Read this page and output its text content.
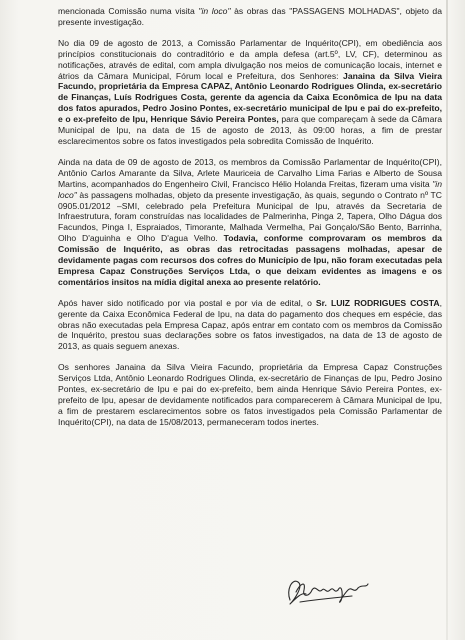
mencionada Comissão numa visita "in loco" às obras das "PASSAGENS MOLHADAS", objeto da presente investigação.

No dia 09 de agosto de 2013, a Comissão Parlamentar de Inquérito(CPI), em obediência aos princípios constitucionais do contraditório e da ampla defesa (art.5º, LV, CF), determinou as notificações, através de edital, com ampla divulgação nos meios de comunicação locais, internet e átrios da Câmara Municipal, Fórum local e Prefeitura, dos Senhores: Janaina da Silva Vieira Facundo, proprietária da Empresa CAPAZ, Antônio Leonardo Rodrigues Olinda, ex-secretário de Finanças, Luís Rodrigues Costa, gerente da agencia da Caixa Econômica de Ipu na data dos fatos apurados, Pedro Josino Pontes, ex-secretário municipal de Ipu e pai do ex-prefeito, e o ex-prefeito de Ipu, Henrique Sávio Pereira Pontes, para que compareçam à sede da Câmara Municipal de Ipu, na data de 15 de agosto de 2013, às 09:00 horas, a fim de prestar esclarecimentos sobre os fatos investigados pela sobredita Comissão de Inquérito.

Ainda na data de 09 de agosto de 2013, os membros da Comissão Parlamentar de Inquérito(CPI), Antônio Carlos Amarante da Silva, Arlete Mauriceia de Carvalho Lima Farias e Alberto de Sousa Martins, acompanhados do Engenheiro Civil, Francisco Hélio Holanda Freitas, fizeram uma visita "in loco" às passagens molhadas, objeto da presente investigação, às quais, segundo o Contrato nº TC 0905.01/2012 –SMI, celebrado pela Prefeitura Municipal de Ipu, através da Secretaria de Infraestrutura, foram construídas nas localidades de Palmerinha, Pinga 2, Tapera, Olho Dágua dos Facundos, Pinga I, Espraiados, Timorante, Malhada Vermelha, Pai Gonçalo/São Bento, Barrinha, Olho D'aguinha e Olho D'agua Velho. Todavia, conforme comprovaram os membros da Comissão de Inquérito, as obras das retrocitadas passagens molhadas, apesar de devidamente pagas com recursos dos cofres do Município de Ipu, não foram executadas pela Empresa Capaz Construções Serviços Ltda, o que deixam evidentes as imagens e os comentários insitos na mídia digital anexa ao presente relatório.

Após haver sido notificado por via postal e por via de edital, o Sr. LUIZ RODRIGUES COSTA, gerente da Caixa Econômica Federal de Ipu, na data do pagamento dos cheques em espécie, das obras não executadas pela Empresa Capaz, após entrar em contato com os membros da Comissão de Inquérito, prestou suas declarações sobre os fatos investigados, na data de 13 de agosto de 2013, as quais seguem anexas.

Os senhores Janaina da Silva Vieira Facundo, proprietária da Empresa Capaz Construções Serviços Ltda, Antônio Leonardo Rodrigues Olinda, ex-secretário de Finanças de Ipu, Pedro Josino Pontes, ex-secretário de Ipu e pai do ex-prefeito, bem ainda Henrique Sávio Pereira Pontes, ex-prefeito de Ipu, apesar de devidamente notificados para comparecerem à Câmara Municipal de Ipu, a fim de prestarem esclarecimentos sobre os fatos investigados pela Comissão Parlamentar de Inquérito(CPI), na data de 15/08/2013, permaneceram todos inertes.
